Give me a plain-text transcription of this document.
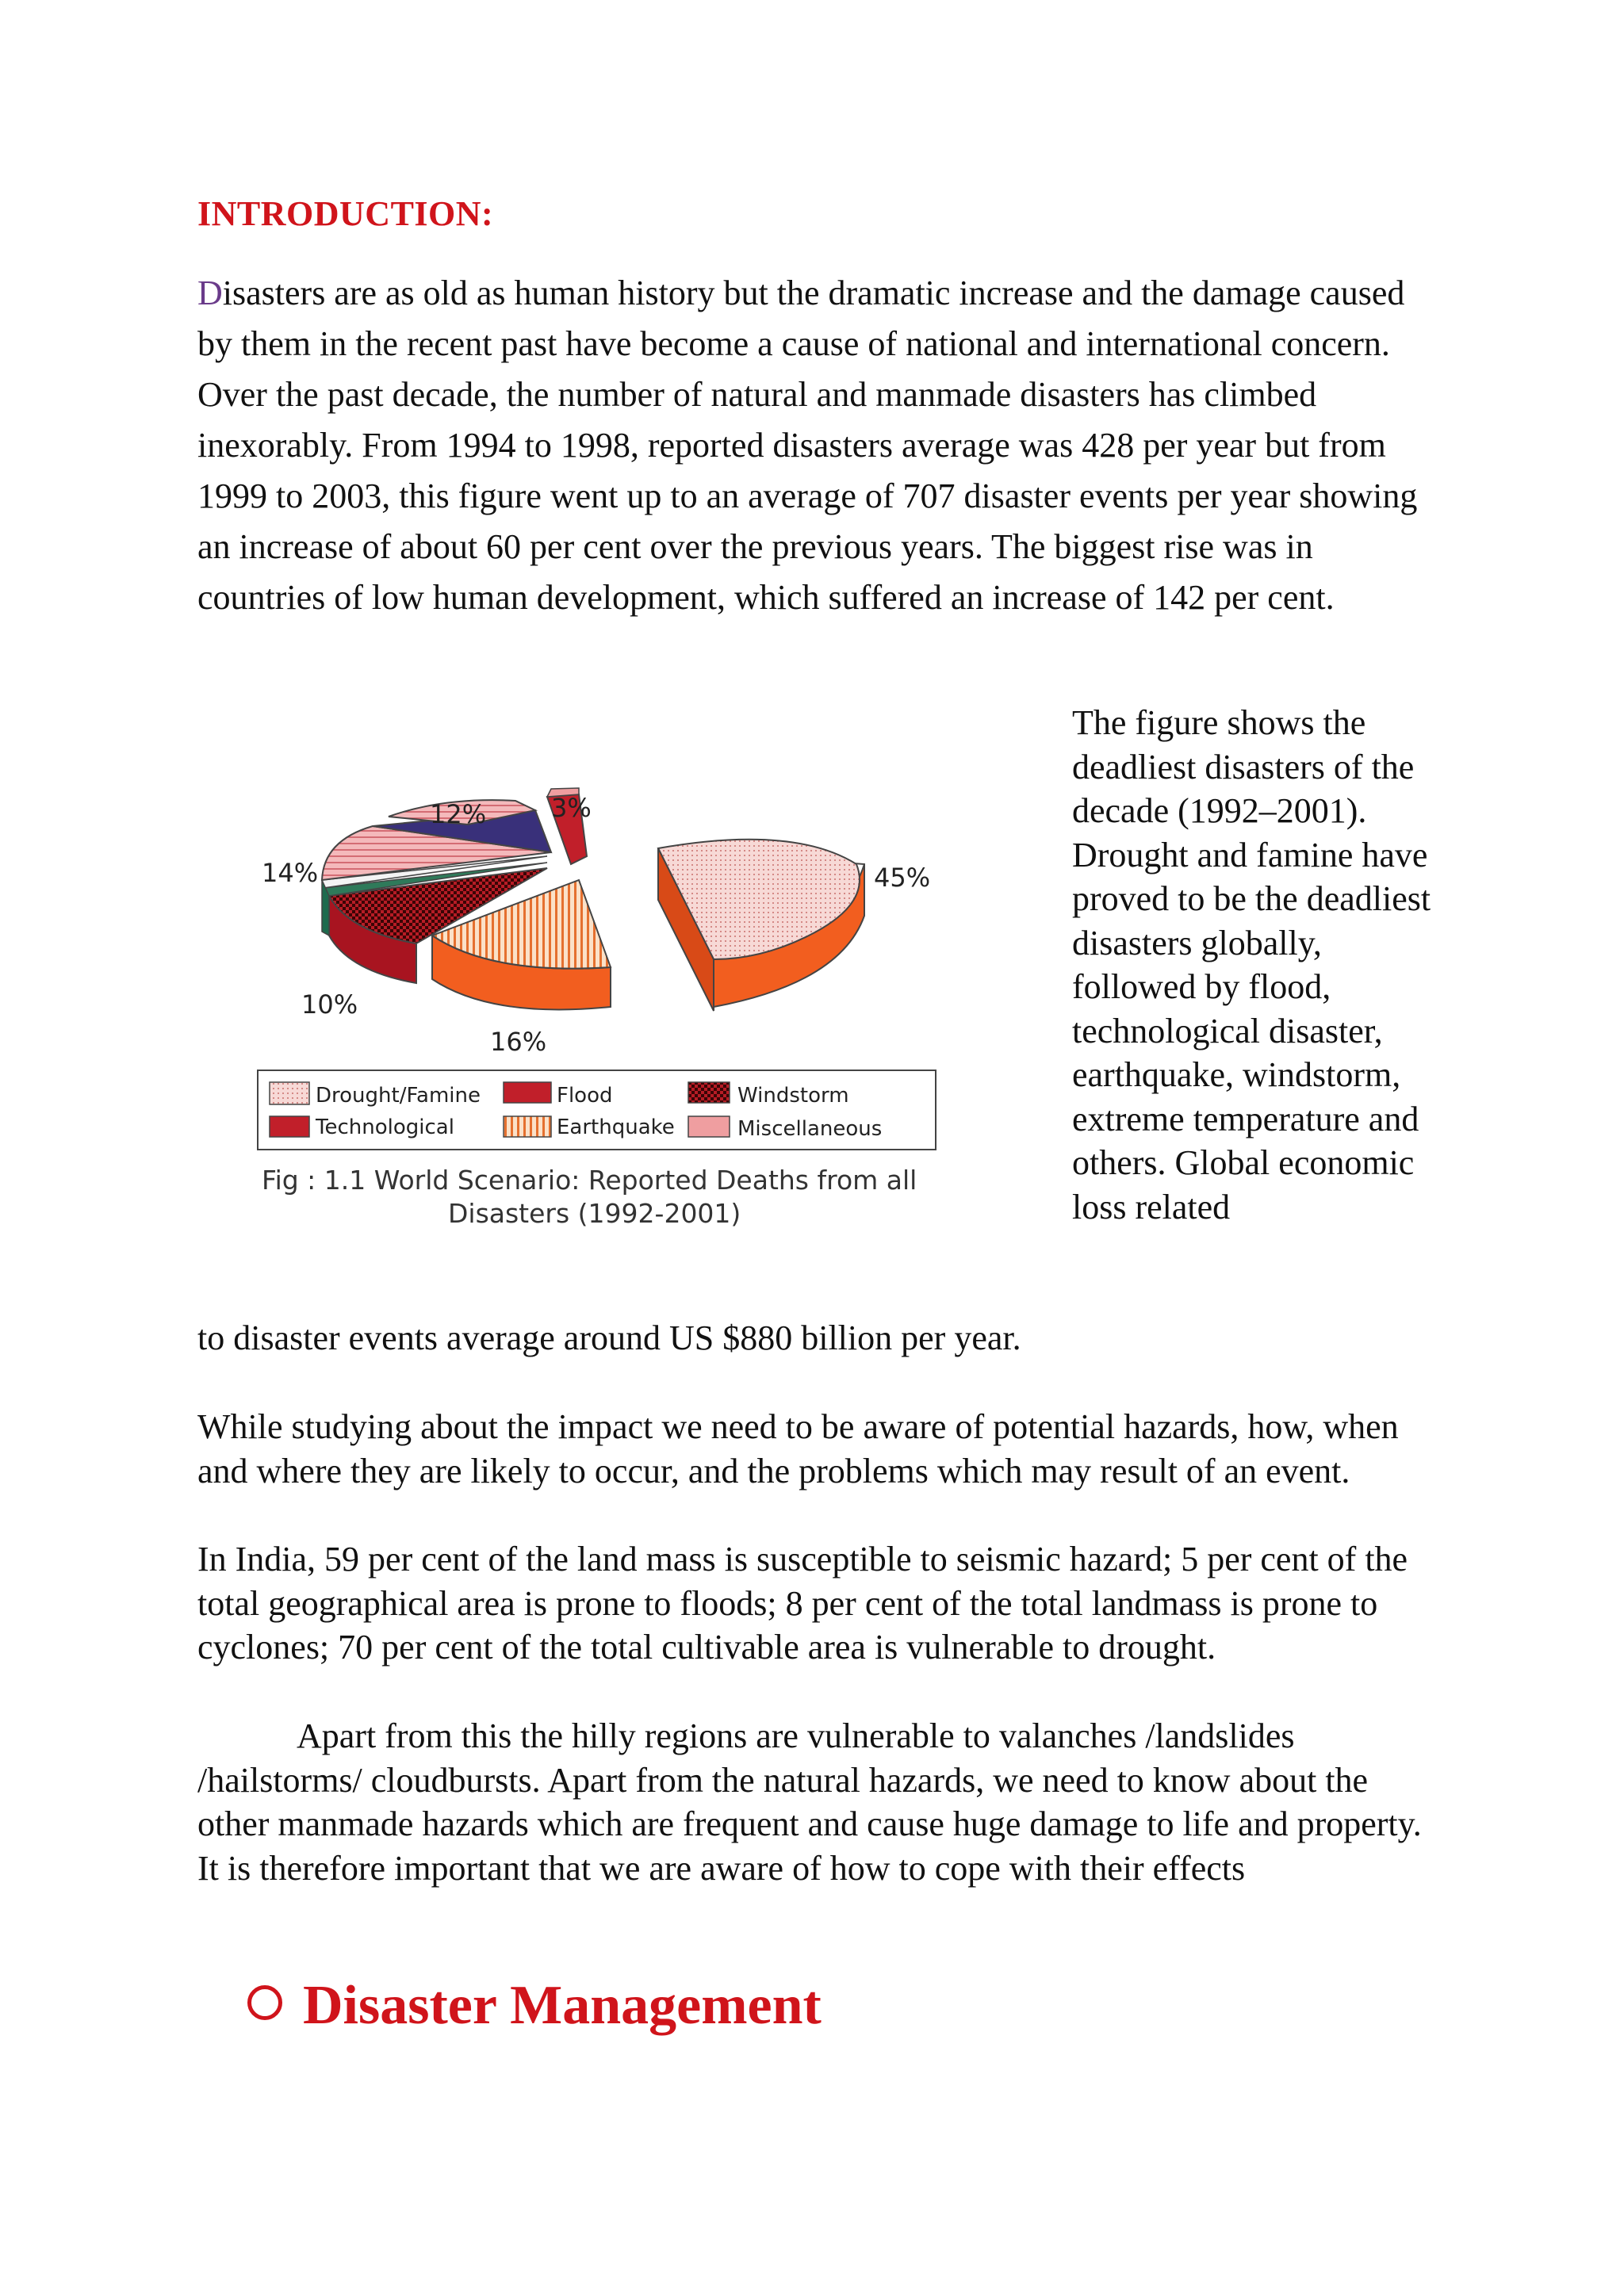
INTRODUCTION:

Disasters are as old as human history but the dramatic increase and the damage caused by them in the recent past have become a cause of national and international concern. Over the past decade, the number of natural and manmade disasters has climbed inexorably. From 1994 to 1998, reported disasters average was 428 per year but from 1999 to 2003, this figure went up to an average of 707 disaster events per year showing an increase of about 60 per cent over the previous years. The biggest rise was in countries of low human development, which suffered an increase of 142 per cent.

12%	3%
14%	45%
10%
16%
Drought/Famine	Flood	Windstorm
Technological	Earthquake	Miscellaneous
Fig : 1.1 World Scenario: Reported Deaths from all
Disasters (1992-2001)

The figure shows the deadliest disasters of the decade (1992–2001). Drought and famine have proved to be the deadliest disasters globally, followed by flood, technological disaster, earthquake, windstorm, extreme temperature and others. Global economic loss related

to disaster events average around US $880 billion per year.

While studying about the impact we need to be aware of potential hazards, how, when and where they are likely to occur, and the problems which may result of an event.

In India, 59 per cent of the land mass is susceptible to seismic hazard; 5 per cent of the total geographical area is prone to floods; 8 per cent of the total landmass is prone to cyclones; 70 per cent of the total cultivable area is vulnerable to drought.

Apart from this the hilly regions are vulnerable to valanches /landslides /hailstorms/ cloudbursts. Apart from the natural hazards, we need to know about the other manmade hazards which are frequent and cause huge damage to life and property. It is therefore important that we are aware of how to cope with their effects

Disaster Management
